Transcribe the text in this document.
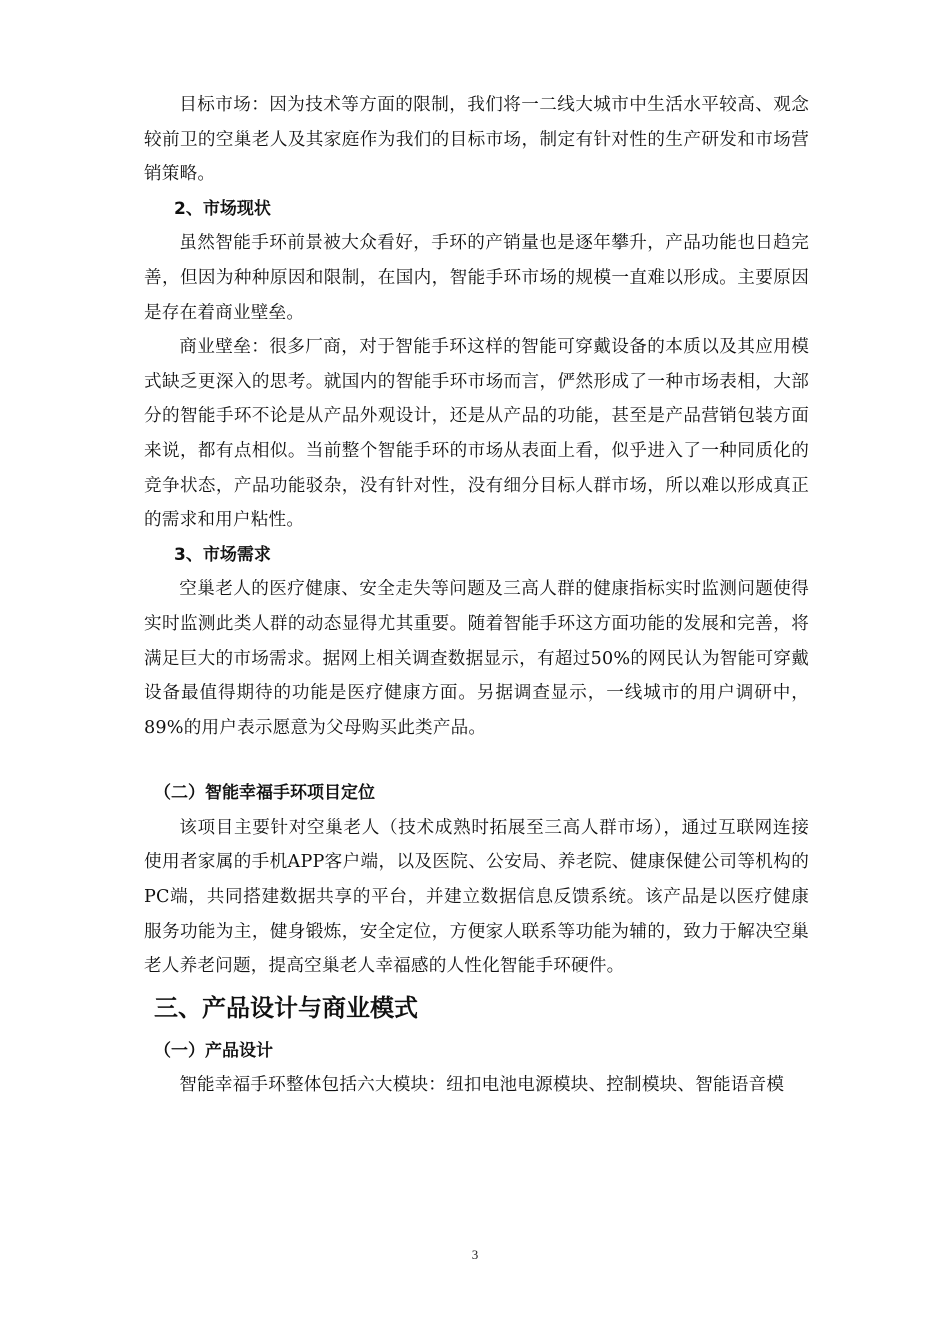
目标市场：因为技术等方面的限制，我们将一二线大城市中生活水平较高、观念较前卫的空巢老人及其家庭作为我们的目标市场，制定有针对性的生产研发和市场营销策略。

2、市场现状

虽然智能手环前景被大众看好，手环的产销量也是逐年攀升，产品功能也日趋完善，但因为种种原因和限制，在国内，智能手环市场的规模一直难以形成。主要原因是存在着商业壁垒。

商业壁垒：很多厂商，对于智能手环这样的智能可穿戴设备的本质以及其应用模式缺乏更深入的思考。就国内的智能手环市场而言，俨然形成了一种市场表相，大部分的智能手环不论是从产品外观设计，还是从产品的功能，甚至是产品营销包装方面来说，都有点相似。当前整个智能手环的市场从表面上看，似乎进入了一种同质化的竞争状态，产品功能驳杂，没有针对性，没有细分目标人群市场，所以难以形成真正的需求和用户粘性。

3、市场需求

空巢老人的医疗健康、安全走失等问题及三高人群的健康指标实时监测问题使得实时监测此类人群的动态显得尤其重要。随着智能手环这方面功能的发展和完善，将满足巨大的市场需求。据网上相关调查数据显示，有超过50%的网民认为智能可穿戴设备最值得期待的功能是医疗健康方面。另据调查显示，一线城市的用户调研中，89%的用户表示愿意为父母购买此类产品。

（二）智能幸福手环项目定位

该项目主要针对空巢老人（技术成熟时拓展至三高人群市场），通过互联网连接使用者家属的手机APP客户端，以及医院、公安局、养老院、健康保健公司等机构的PC端，共同搭建数据共享的平台，并建立数据信息反馈系统。该产品是以医疗健康服务功能为主，健身锻炼，安全定位，方便家人联系等功能为辅的，致力于解决空巢老人养老问题，提高空巢老人幸福感的人性化智能手环硬件。

三、产品设计与商业模式

（一）产品设计

智能幸福手环整体包括六大模块：纽扣电池电源模块、控制模块、智能语音模

3
